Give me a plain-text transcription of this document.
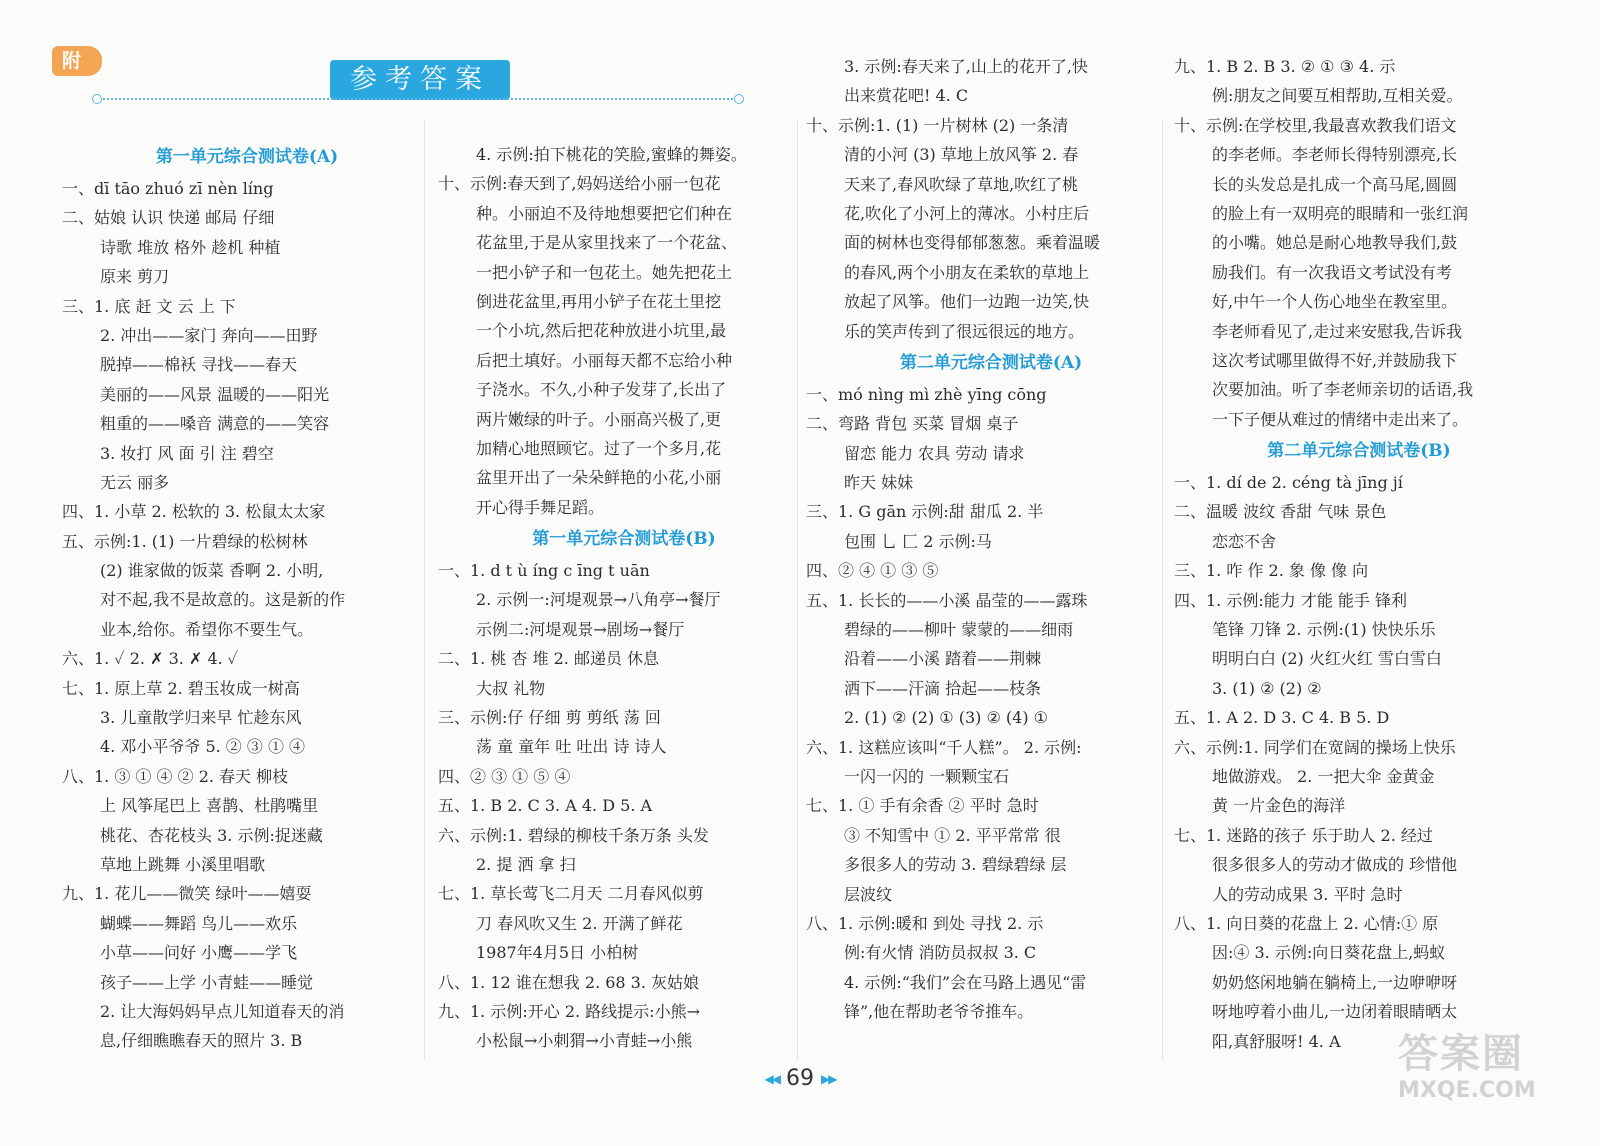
附
参考答案
第一单元综合测试卷(A)
一、dī tāo zhuó zī nèn líng
二、姑娘 认识 快递 邮局 仔细
诗歌 堆放 格外 趁机 种植
原来 剪刀
三、1. 底 赶 文 云 上 下
2. 冲出——家门 奔向——田野
脱掉——棉袄 寻找——春天
美丽的——风景 温暖的——阳光
粗重的——嗓音 满意的——笑容
3. 妆打 风 面 引 注 碧空
无云 丽多
四、1. 小草 2. 松软的 3. 松鼠太太家
五、示例:1. (1) 一片碧绿的松树林
(2) 谁家做的饭菜 香啊 2. 小明,
对不起,我不是故意的。这是新的作
业本,给你。希望你不要生气。
六、1. ✓ 2. ✗ 3. ✗ 4. ✓
七、1. 原上草 2. 碧玉妆成一树高
3. 儿童散学归来早 忙趁东风
4. 邓小平爷爷 5. ② ③ ① ④
八、1. ③ ① ④ ② 2. 春天 柳枝
上 风筝尾巴上 喜鹊、杜鹃嘴里
桃花、杏花枝头 3. 示例:捉迷藏
草地上跳舞 小溪里唱歌
九、1. 花儿——微笑 绿叶——嬉耍
蝴蝶——舞蹈 鸟儿——欢乐
小草——问好 小鹰——学飞
孩子——上学 小青蛙——睡觉
2. 让大海妈妈早点儿知道春天的消
息,仔细瞧瞧春天的照片 3. B
4. 示例:拍下桃花的笑脸,蜜蜂的舞姿。
十、示例:春天到了,妈妈送给小丽一包花
种。小丽迫不及待地想要把它们种在
花盆里,于是从家里找来了一个花盆、
一把小铲子和一包花土。她先把花土
倒进花盆里,再用小铲子在花土里挖
一个小坑,然后把花种放进小坑里,最
后把土填好。小丽每天都不忘给小种
子浇水。不久,小种子发芽了,长出了
两片嫩绿的叶子。小丽高兴极了,更
加精心地照顾它。过了一个多月,花
盆里开出了一朵朵鲜艳的小花,小丽
开心得手舞足蹈。
第一单元综合测试卷(B)
一、1. d t ù íng c īng t uān
2. 示例一:河堤观景→八角亭→餐厅
示例二:河堤观景→剧场→餐厅
二、1. 桃 杏 堆 2. 邮递员 休息
大叔 礼物
三、示例:仔 仔细 剪 剪纸 荡 回
荡 童 童年 吐 吐出 诗 诗人
四、② ③ ① ⑤ ④
五、1. B 2. C 3. A 4. D 5. A
六、示例:1. 碧绿的柳枝千条万条 头发
2. 提 洒 拿 扫
七、1. 草长莺飞二月天 二月春风似剪
刀 春风吹又生 2. 开满了鲜花
1987年4月5日 小柏树
八、1. 12 谁在想我 2. 68 3. 灰姑娘
九、1. 示例:开心 2. 路线提示:小熊→
小松鼠→小刺猬→小青蛙→小熊
3. 示例:春天来了,山上的花开了,快
出来赏花吧! 4. C
十、示例:1. (1) 一片树林 (2) 一条清
清的小河 (3) 草地上放风筝 2. 春
天来了,春风吹绿了草地,吹红了桃
花,吹化了小河上的薄冰。小村庄后
面的树林也变得郁郁葱葱。乘着温暖
的春风,两个小朋友在柔软的草地上
放起了风筝。他们一边跑一边笑,快
乐的笑声传到了很远很远的地方。
第二单元综合测试卷(A)
一、mó nìng mì zhè yīng cōng
二、弯路 背包 买菜 冒烟 桌子
留恋 能力 农具 劳动 请求
昨天 妹妹
三、1. G gān 示例:甜 甜瓜 2. 半
包围 乚 匚 2 示例:马
四、② ④ ① ③ ⑤
五、1. 长长的——小溪 晶莹的——露珠
碧绿的——柳叶 蒙蒙的——细雨
沿着——小溪 踏着——荆棘
洒下——汗滴 拾起——枝条
2. (1) ② (2) ① (3) ② (4) ①
六、1. 这糕应该叫“千人糕”。 2. 示例:
一闪一闪的 一颗颗宝石
七、1. ① 手有余香 ② 平时 急时
③ 不知雪中 ① 2. 平平常常 很
多很多人的劳动 3. 碧绿碧绿 层
层波纹
八、1. 示例:暖和 到处 寻找 2. 示
例:有火情 消防员叔叔 3. C
4. 示例:“我们”会在马路上遇见“雷
锋”,他在帮助老爷爷推车。
九、1. B 2. B 3. ② ① ③ 4. 示
例:朋友之间要互相帮助,互相关爱。
十、示例:在学校里,我最喜欢教我们语文
的李老师。李老师长得特别漂亮,长
长的头发总是扎成一个高马尾,圆圆
的脸上有一双明亮的眼睛和一张红润
的小嘴。她总是耐心地教导我们,鼓
励我们。有一次我语文考试没有考
好,中午一个人伤心地坐在教室里。
李老师看见了,走过来安慰我,告诉我
这次考试哪里做得不好,并鼓励我下
次要加油。听了李老师亲切的话语,我
一下子便从难过的情绪中走出来了。
第二单元综合测试卷(B)
一、1. dí de 2. céng tà jīng jí
二、温暖 波纹 香甜 气味 景色
恋恋不舍
三、1. 咋 作 2. 象 像 像 向
四、1. 示例:能力 才能 能手 锋利
笔锋 刀锋 2. 示例:(1) 快快乐乐
明明白白 (2) 火红火红 雪白雪白
3. (1) ② (2) ②
五、1. A 2. D 3. C 4. B 5. D
六、示例:1. 同学们在宽阔的操场上快乐
地做游戏。 2. 一把大伞 金黄金
黄 一片金色的海洋
七、1. 迷路的孩子 乐于助人 2. 经过
很多很多人的劳动才做成的 珍惜他
人的劳动成果 3. 平时 急时
八、1. 向日葵的花盘上 2. 心情:① 原
因:④ 3. 示例:向日葵花盘上,蚂蚁
奶奶悠闲地躺在躺椅上,一边咿咿呀
呀地哼着小曲儿,一边闭着眼睛晒太
阳,真舒服呀! 4. A
◀◀ 69 ▶▶
答案圈
MXQE.COM
